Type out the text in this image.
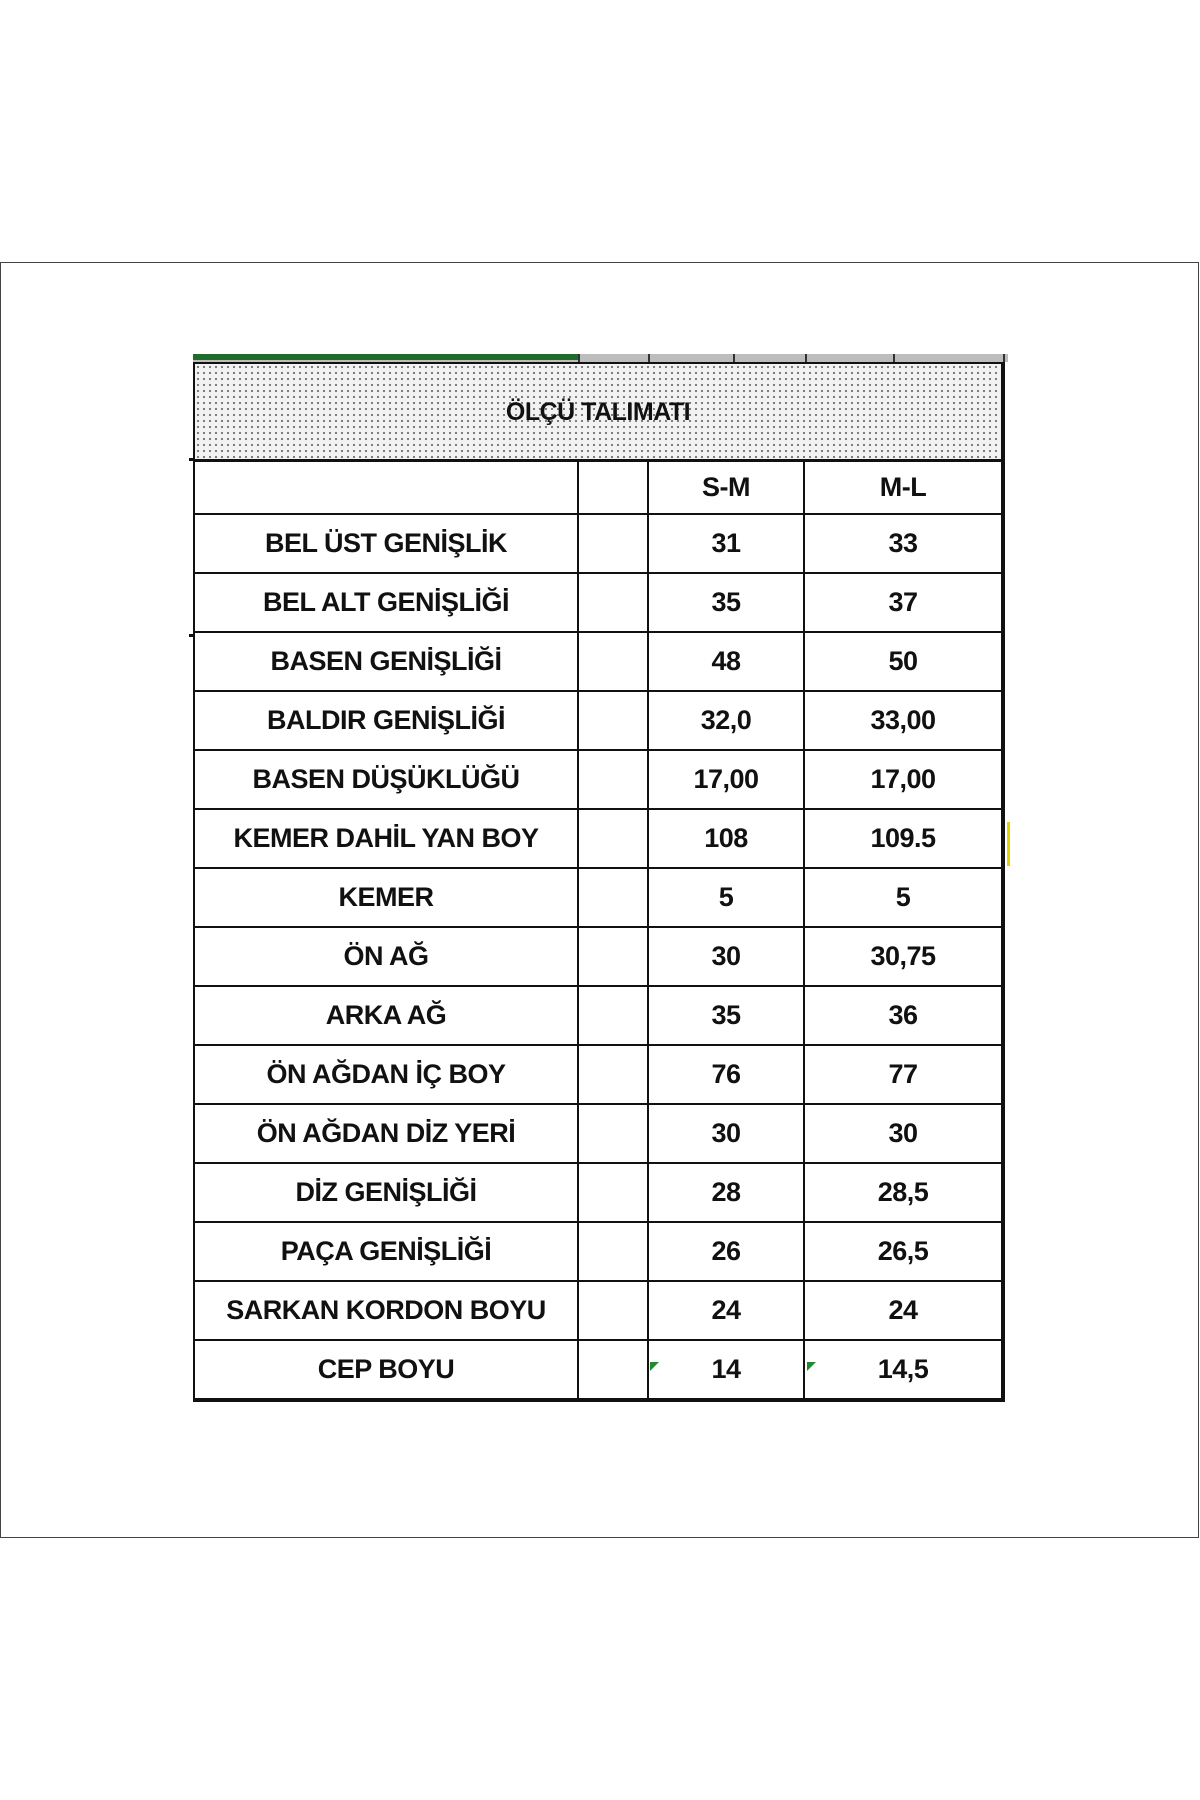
ÖLÇÜ TALIMATI			
		S-M	M-L
BEL ÜST GENİŞLİK		31	33
BEL ALT GENİŞLİĞİ		35	37
BASEN GENİŞLİĞİ		48	50
BALDIR GENİŞLİĞİ		32,0	33,00
BASEN DÜŞÜKLÜĞÜ		17,00	17,00
KEMER DAHİL YAN BOY		108	109.5
KEMER		5	5
ÖN AĞ		30	30,75
ARKA AĞ		35	36
ÖN AĞDAN İÇ BOY		76	77
ÖN AĞDAN DİZ YERİ		30	30
DİZ GENİŞLİĞİ		28	28,5
PAÇA GENİŞLİĞİ		26	26,5
SARKAN KORDON BOYU		24	24
CEP BOYU		14	14,5
